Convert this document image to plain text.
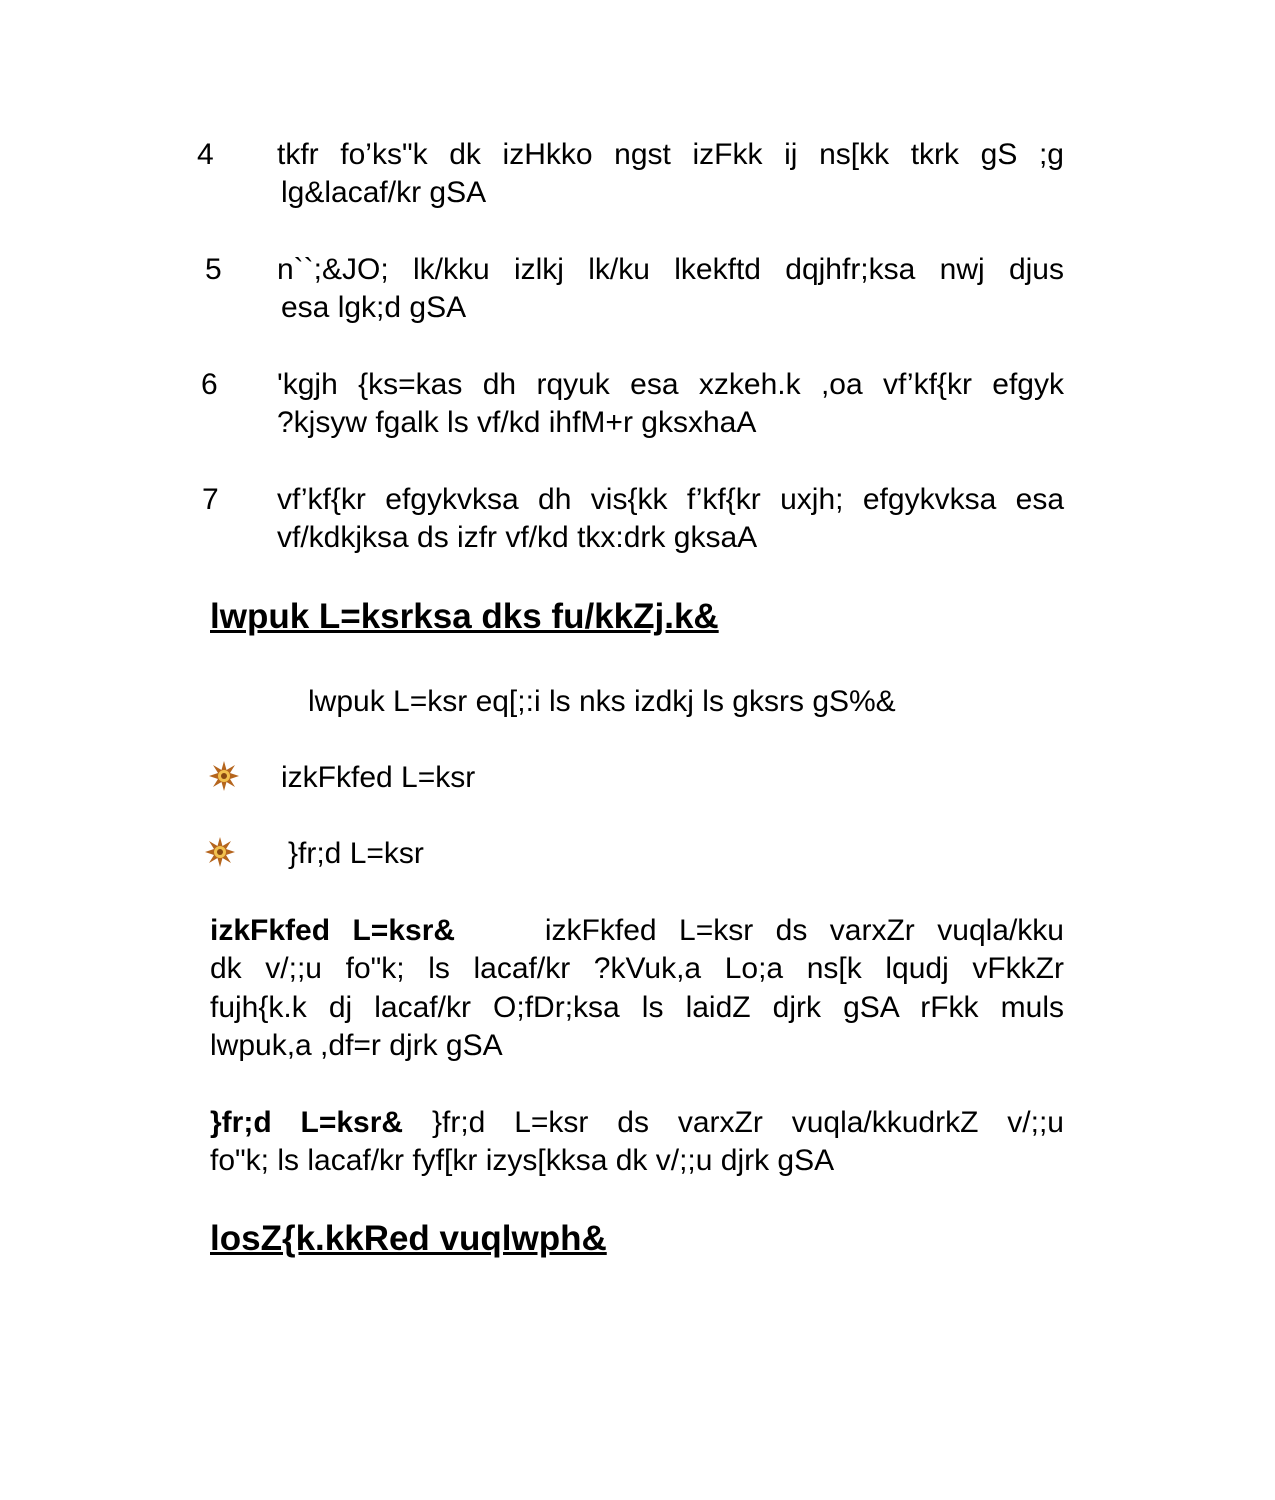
4 tkfr fo’ks"k dk izHkko ngst izFkk ij ns[kk tkrk gS ;g
lg&lacaf/kr gSA
5 n``;&JO; lk/kku izlkj lk/ku lkekftd dqjhfr;ksa nwj djus
esa lgk;d gSA
6 'kgjh {ks=kas dh rqyuk esa xzkeh.k ,oa vf’kf{kr efgyk
?kjsyw fgalk ls vf/kd ihfM+r gksxhaA
7 vf’kf{kr efgykvksa dh vis{kk f’kf{kr uxjh; efgykvksa esa
vf/kdkjksa ds izfr vf/kd tkx:drk gksaA
lwpuk L=ksrksa dks fu/kkZj.k&
lwpuk L=ksr eq[;:i ls nks izdkj ls gksrs gS%&
izkFkfed L=ksr
}fr;d L=ksr
izkFkfed L=ksr&	izkFkfed L=ksr ds varxZr vuqla/kku
dk v/;;u fo"k; ls lacaf/kr ?kVuk,a Lo;a ns[k lqudj vFkkZr
fujh{k.k dj lacaf/kr O;fDr;ksa ls laidZ djrk gSA rFkk muls
lwpuk,a ,df=r djrk gSA
}fr;d L=ksr& }fr;d L=ksr ds varxZr vuqla/kkudrkZ v/;;u
fo"k; ls lacaf/kr fyf[kr izys[kksa dk v/;;u djrk gSA
losZ{k.kkRed vuqlwph&
